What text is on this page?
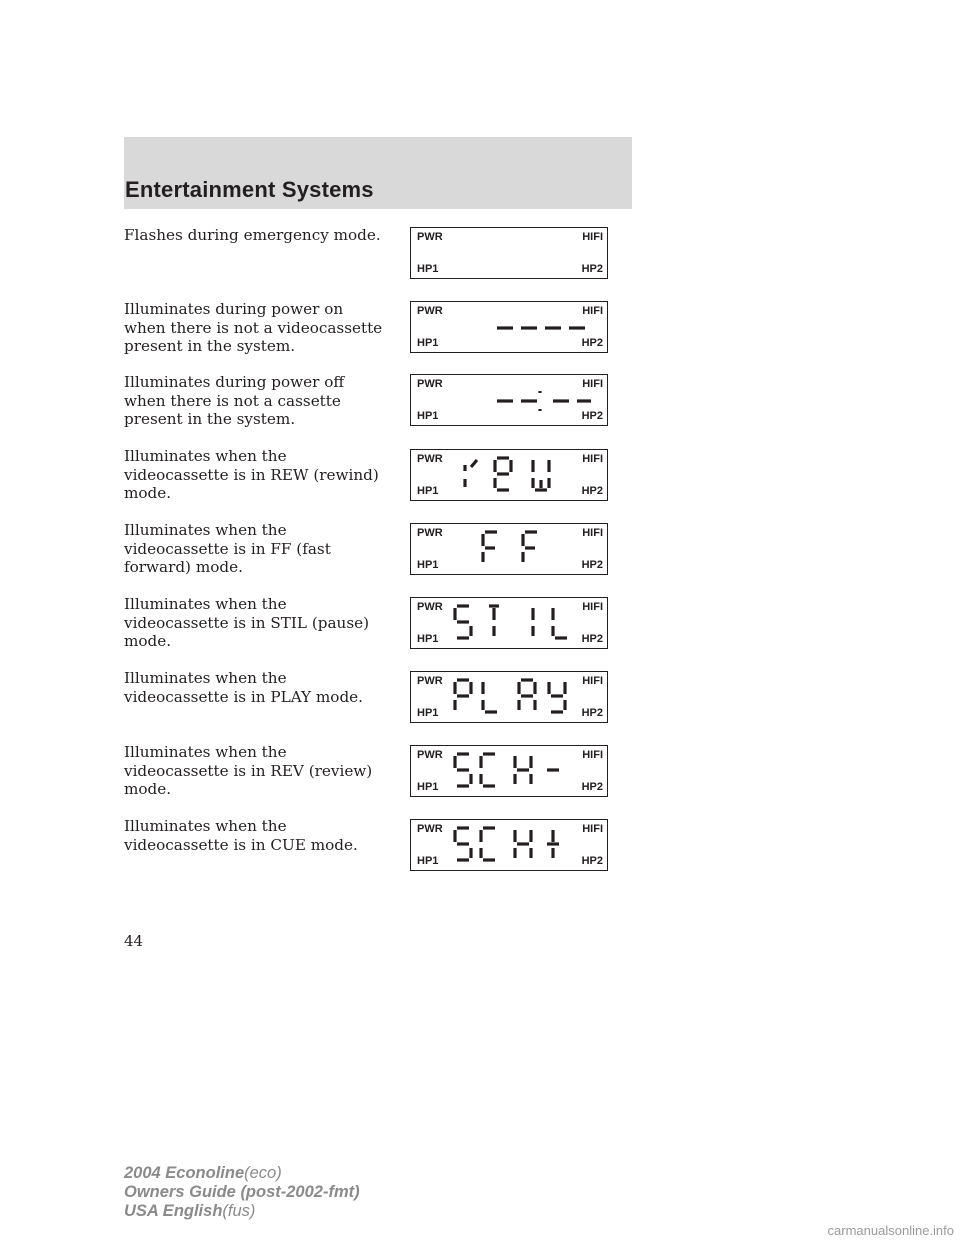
Entertainment Systems
Flashes during emergency mode.	PWR	HIFI
HP1	HP2
Illuminates during power on when there is not a videocassette present in the system.
PWR	HIFI
HP1	HP2
Illuminates during power off when there is not a cassette present in the system.
PWR	HIFI
HP1	HP2
Illuminates when the videocassette is in REW (rewind) mode.
PWR	HIFI
HP1	HP2
Illuminates when the videocassette is in FF (fast forward) mode.
PWR	HIFI
HP1	HP2
Illuminates when the videocassette is in STIL (pause) mode.
PWR	HIFI
HP1	HP2
Illuminates when the videocassette is in PLAY mode.
PWR	HIFI
HP1	HP2
Illuminates when the videocassette is in REV (review) mode.
PWR	HIFI
HP1	HP2
Illuminates when the videocassette is in CUE mode.
PWR	HIFI
HP1	HP2
44
2004 Econoline(eco)
Owners Guide (post-2002-fmt)
USA English(fus)
carmanualsonline.info
